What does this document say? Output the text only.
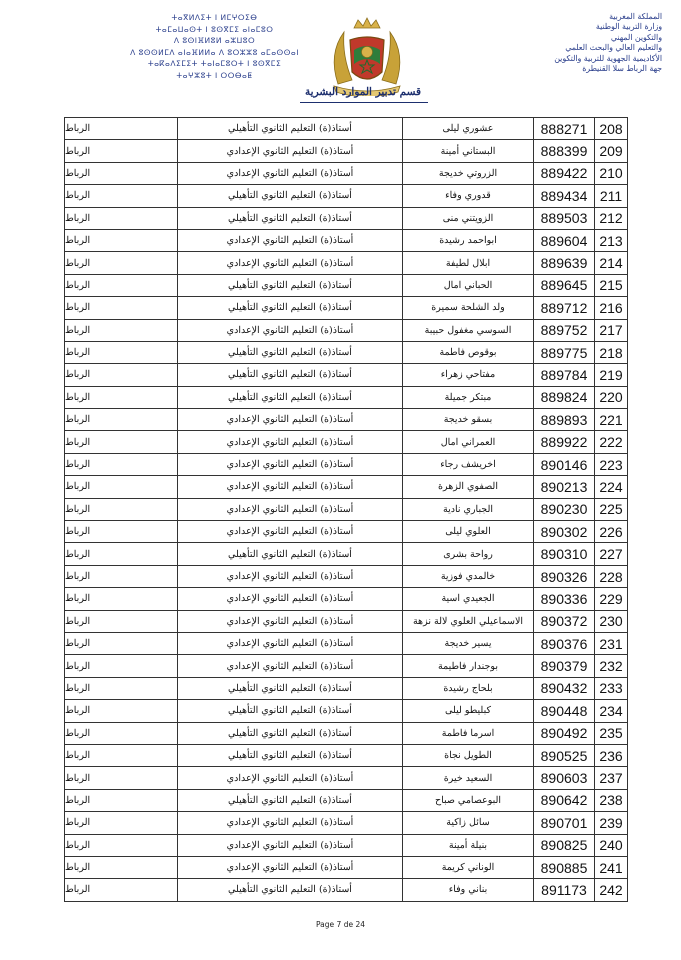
ⵜⴰⴳⵍⴷⵉⵜ ⵏ ⵍⵎⵖⵔⵉⴱ
ⵜⴰⵎⴰⵡⴰⵙⵜ ⵏ ⵓⵙⴳⵎⵉ ⴰⵏⴰⵎⵓⵔ
ⴷ ⵓⵙⵏⴼⵍⵓⵍ ⴰⵣⵡⵓⵔ
ⴷ ⵓⵙⵙⵍⵎⴷ ⴰⵏⴰⴼⵍⵍⴰ ⴷ ⵓⵔⵣⵣⵓ ⴰⵎⴰⵙⵙⴰⵏ
ⵜⴰⴽⴰⴷⵉⵎⵉⵜ ⵜⴰⵏⴰⵎⵓⵔⵜ ⵏ ⵓⵙⴳⵎⵉ
ⵜⴰⵖⵣⵓⵜ ⵏ ⵔⵔⴱⴰⵟ
المملكة المغربية
وزارة التربية الوطنية
والتكوين المهني
والتعليم العالي والبحث العلمي
الأكاديمية الجهوية للتربية والتكوين
جهة الرباط سلا القنيطرة
قسم تدبير الموارد البشرية
الرباط	أستاذ(ة) التعليم الثانوي التأهيلي	عشوري ليلى	888271	208
الرباط	أستاذ(ة) التعليم الثانوي الإعدادي	البستاني أمينة	888399	209
الرباط	أستاذ(ة) التعليم الثانوي الإعدادي	الزروتي خديجة	889422	210
الرباط	أستاذ(ة) التعليم الثانوي التأهيلي	قدوري وفاء	889434	211
الرباط	أستاذ(ة) التعليم الثانوي التأهيلي	الزويتني منى	889503	212
الرباط	أستاذ(ة) التعليم الثانوي الإعدادي	ابواحمد رشيدة	889604	213
الرباط	أستاذ(ة) التعليم الثانوي الإعدادي	ابلال لطيفة	889639	214
الرباط	أستاذ(ة) التعليم الثانوي التأهيلي	الحباني امال	889645	215
الرباط	أستاذ(ة) التعليم الثانوي التأهيلي	ولد الشلحة سميرة	889712	216
الرباط	أستاذ(ة) التعليم الثانوي الإعدادي	السوسي مغفول حبيبة	889752	217
الرباط	أستاذ(ة) التعليم الثانوي التأهيلي	بوقوص فاطمة	889775	218
الرباط	أستاذ(ة) التعليم الثانوي التأهيلي	مفتاحي زهراء	889784	219
الرباط	أستاذ(ة) التعليم الثانوي التأهيلي	مبتكر جميلة	889824	220
الرباط	أستاذ(ة) التعليم الثانوي الإعدادي	بسقو خديجة	889893	221
الرباط	أستاذ(ة) التعليم الثانوي الإعدادي	العمراني امال	889922	222
الرباط	أستاذ(ة) التعليم الثانوي الإعدادي	اخريشف رجاء	890146	223
الرباط	أستاذ(ة) التعليم الثانوي الإعدادي	الصفوي الزهرة	890213	224
الرباط	أستاذ(ة) التعليم الثانوي الإعدادي	الجباري نادية	890230	225
الرباط	أستاذ(ة) التعليم الثانوي الإعدادي	العلوي ليلى	890302	226
الرباط	أستاذ(ة) التعليم الثانوي التأهيلي	رواحة بشرى	890310	227
الرباط	أستاذ(ة) التعليم الثانوي الإعدادي	خالمدي فوزية	890326	228
الرباط	أستاذ(ة) التعليم الثانوي الإعدادي	الجعيدي اسية	890336	229
الرباط	أستاذ(ة) التعليم الثانوي الإعدادي	الاسماعيلي العلوي لالة نزهة	890372	230
الرباط	أستاذ(ة) التعليم الثانوي الإعدادي	يسير خديجة	890376	231
الرباط	أستاذ(ة) التعليم الثانوي الإعدادي	بوجندار فاطيمة	890379	232
الرباط	أستاذ(ة) التعليم الثانوي التأهيلي	بلحاج رشيدة	890432	233
الرباط	أستاذ(ة) التعليم الثانوي التأهيلي	كبليطو ليلى	890448	234
الرباط	أستاذ(ة) التعليم الثانوي التأهيلي	اسرما فاطمة	890492	235
الرباط	أستاذ(ة) التعليم الثانوي التأهيلي	الطويل نجاة	890525	236
الرباط	أستاذ(ة) التعليم الثانوي الإعدادي	السعيد خيرة	890603	237
الرباط	أستاذ(ة) التعليم الثانوي التأهيلي	البوعصامي صباح	890642	238
الرباط	أستاذ(ة) التعليم الثانوي الإعدادي	سائل زاكية	890701	239
الرباط	أستاذ(ة) التعليم الثانوي الإعدادي	بنيلة أمينة	890825	240
الرباط	أستاذ(ة) التعليم الثانوي الإعدادي	الوناني كريمة	890885	241
الرباط	أستاذ(ة) التعليم الثانوي التأهيلي	بناني وفاء	891173	242
Page 7 de 24
